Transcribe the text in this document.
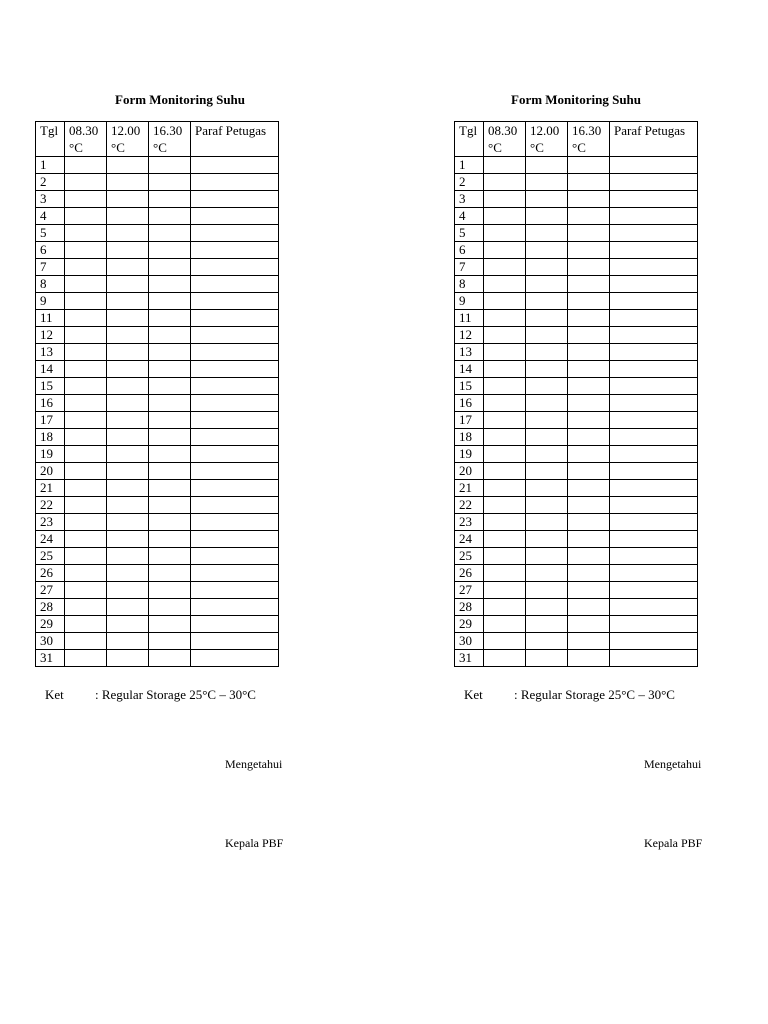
Form Monitoring Suhu
Tgl	08.30	12.00	16.30	Paraf Petugas
	°C	°C	°C	
1				
2				
3				
4				
5				
6				
7				
8				
9				
11				
12				
13				
14				
15				
16				
17				
18				
19				
20				
21				
22				
23				
24				
25				
26				
27				
28				
29				
30				
31				
Ket : Regular Storage 25°C – 30°C
Mengetahui
Kepala PBF
Form Monitoring Suhu
Tgl	08.30	12.00	16.30	Paraf Petugas
	°C	°C	°C	
1				
2				
3				
4				
5				
6				
7				
8				
9				
11				
12				
13				
14				
15				
16				
17				
18				
19				
20				
21				
22				
23				
24				
25				
26				
27				
28				
29				
30				
31				
Ket : Regular Storage 25°C – 30°C
Mengetahui
Kepala PBF
